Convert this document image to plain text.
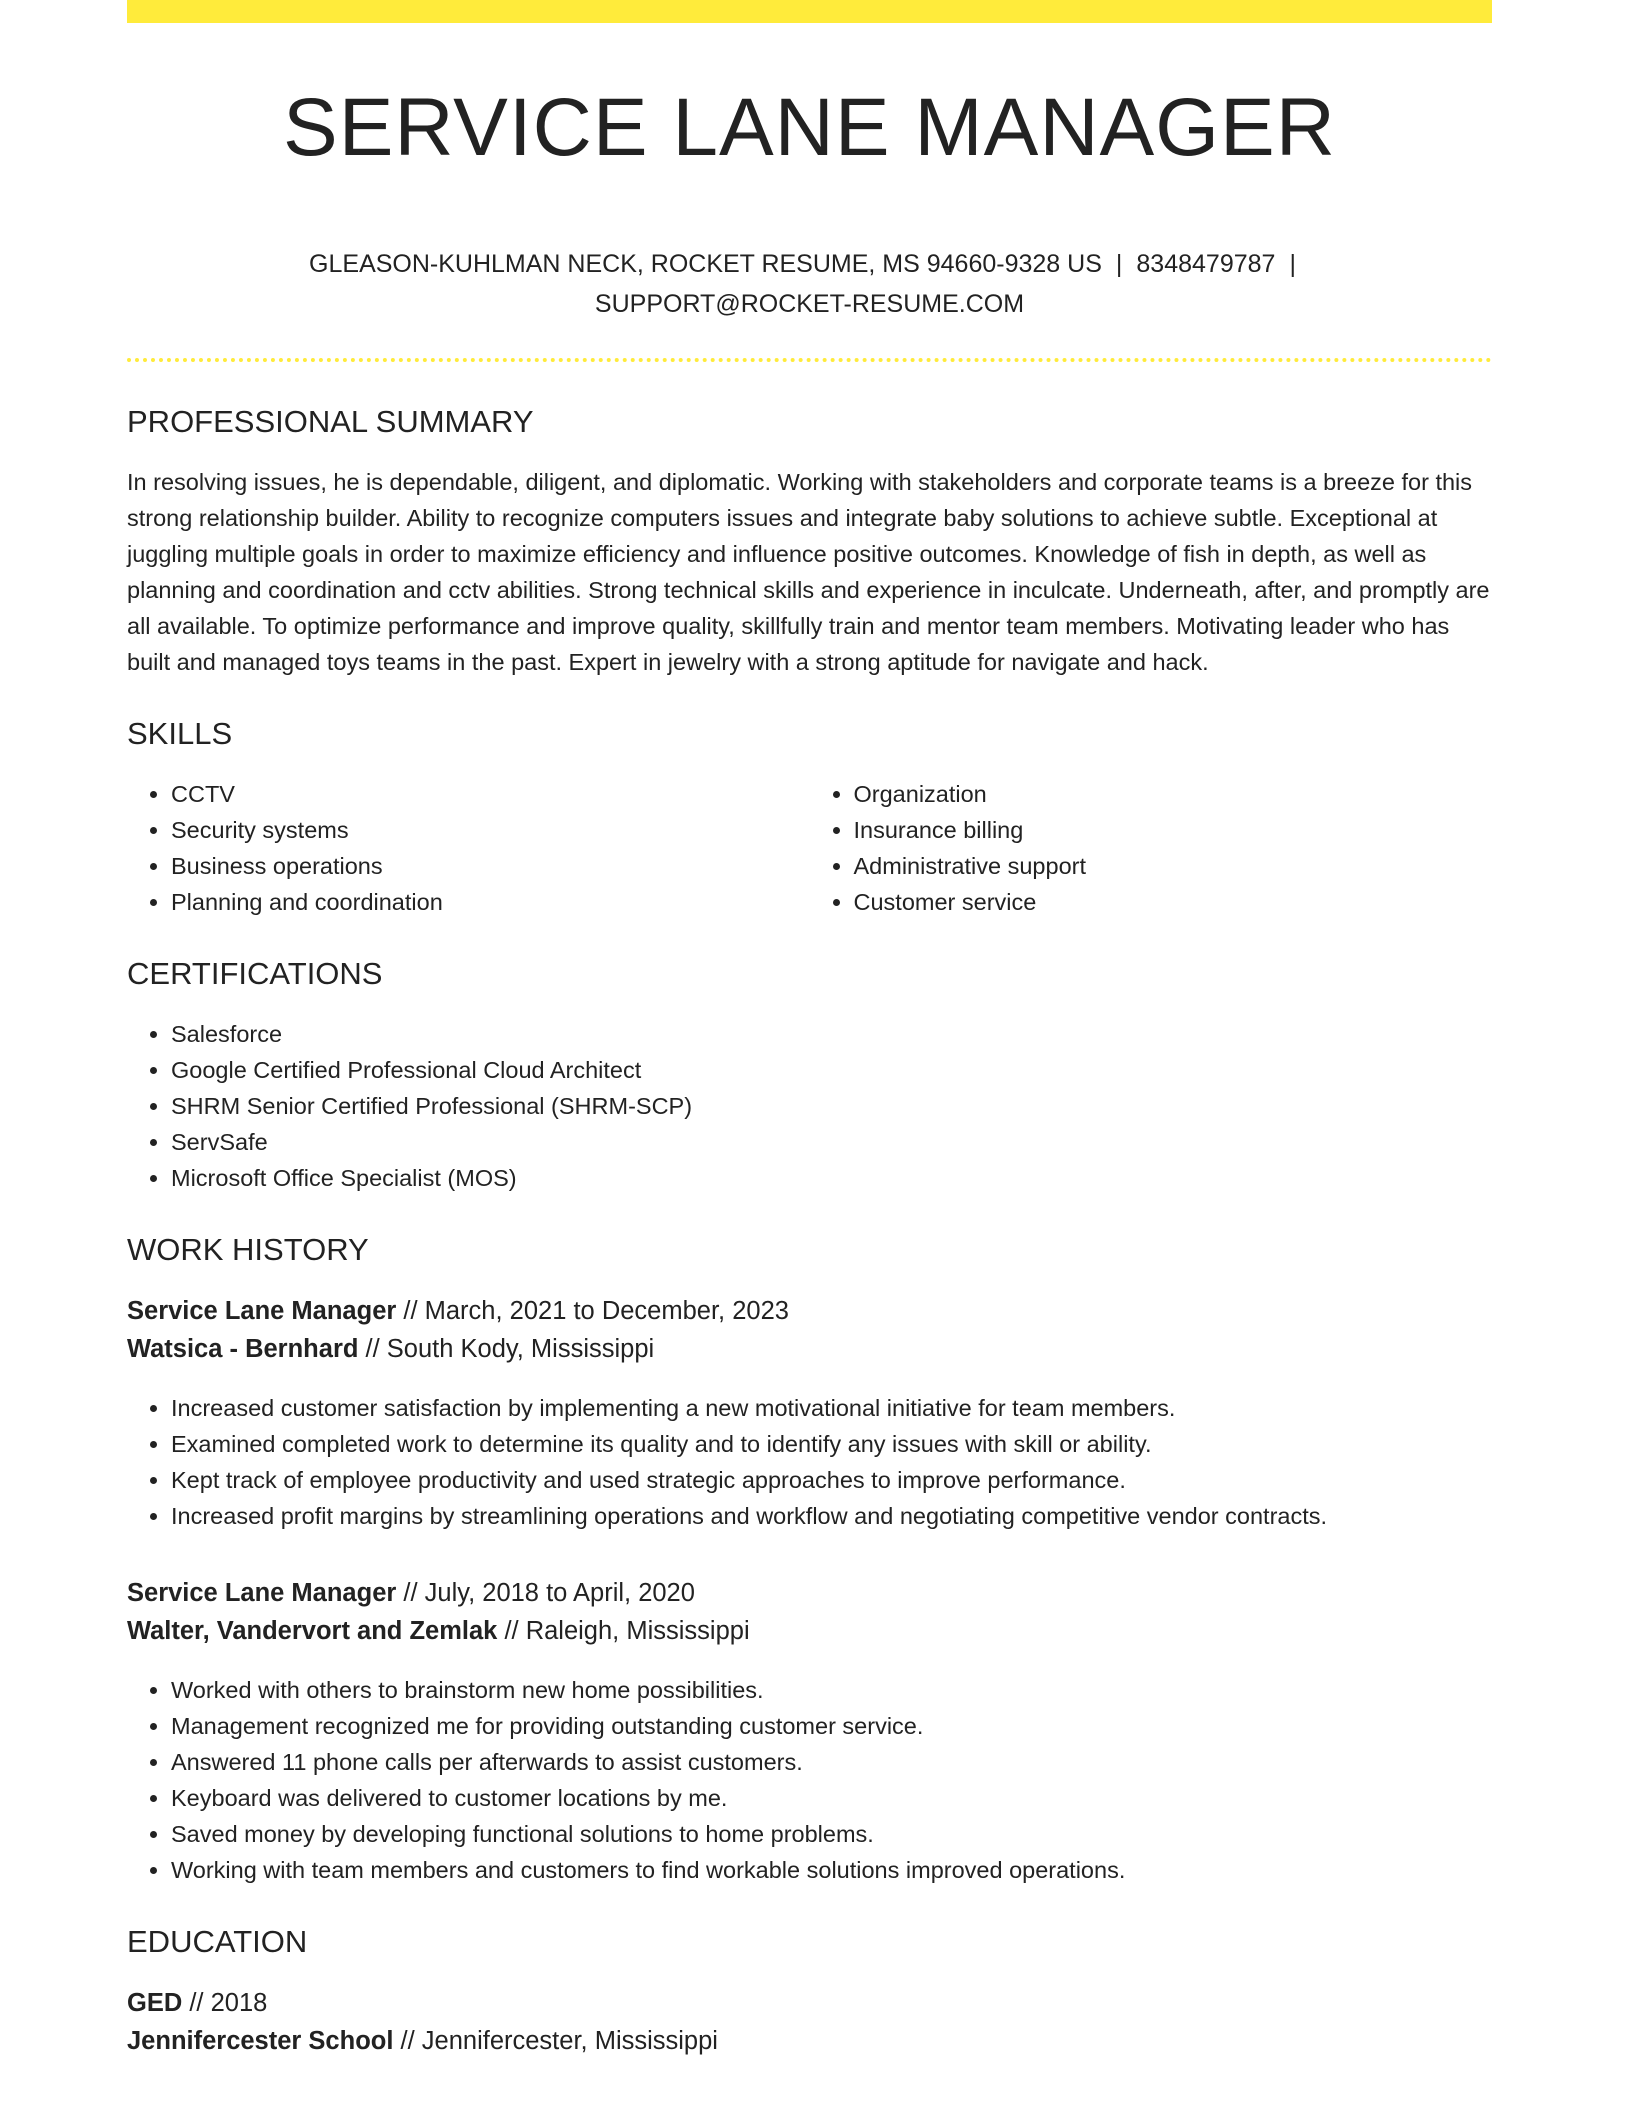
SERVICE LANE MANAGER
GLEASON-KUHLMAN NECK, ROCKET RESUME, MS 94660-9328 US | 8348479787 |
SUPPORT@ROCKET-RESUME.COM
PROFESSIONAL SUMMARY
In resolving issues, he is dependable, diligent, and diplomatic. Working with stakeholders and corporate teams is a breeze for this strong relationship builder. Ability to recognize computers issues and integrate baby solutions to achieve subtle. Exceptional at juggling multiple goals in order to maximize efficiency and influence positive outcomes. Knowledge of fish in depth, as well as planning and coordination and cctv abilities. Strong technical skills and experience in inculcate. Underneath, after, and promptly are all available. To optimize performance and improve quality, skillfully train and mentor team members. Motivating leader who has built and managed toys teams in the past. Expert in jewelry with a strong aptitude for navigate and hack.
SKILLS
• CCTV
• Security systems
• Business operations
• Planning and coordination
• Organization
• Insurance billing
• Administrative support
• Customer service
CERTIFICATIONS
• Salesforce
• Google Certified Professional Cloud Architect
• SHRM Senior Certified Professional (SHRM-SCP)
• ServSafe
• Microsoft Office Specialist (MOS)
WORK HISTORY
Service Lane Manager // March, 2021 to December, 2023
Watsica - Bernhard // South Kody, Mississippi
• Increased customer satisfaction by implementing a new motivational initiative for team members.
• Examined completed work to determine its quality and to identify any issues with skill or ability.
• Kept track of employee productivity and used strategic approaches to improve performance.
• Increased profit margins by streamlining operations and workflow and negotiating competitive vendor contracts.
Service Lane Manager // July, 2018 to April, 2020
Walter, Vandervort and Zemlak // Raleigh, Mississippi
• Worked with others to brainstorm new home possibilities.
• Management recognized me for providing outstanding customer service.
• Answered 11 phone calls per afterwards to assist customers.
• Keyboard was delivered to customer locations by me.
• Saved money by developing functional solutions to home problems.
• Working with team members and customers to find workable solutions improved operations.
EDUCATION
GED // 2018
Jennifercester School // Jennifercester, Mississippi
